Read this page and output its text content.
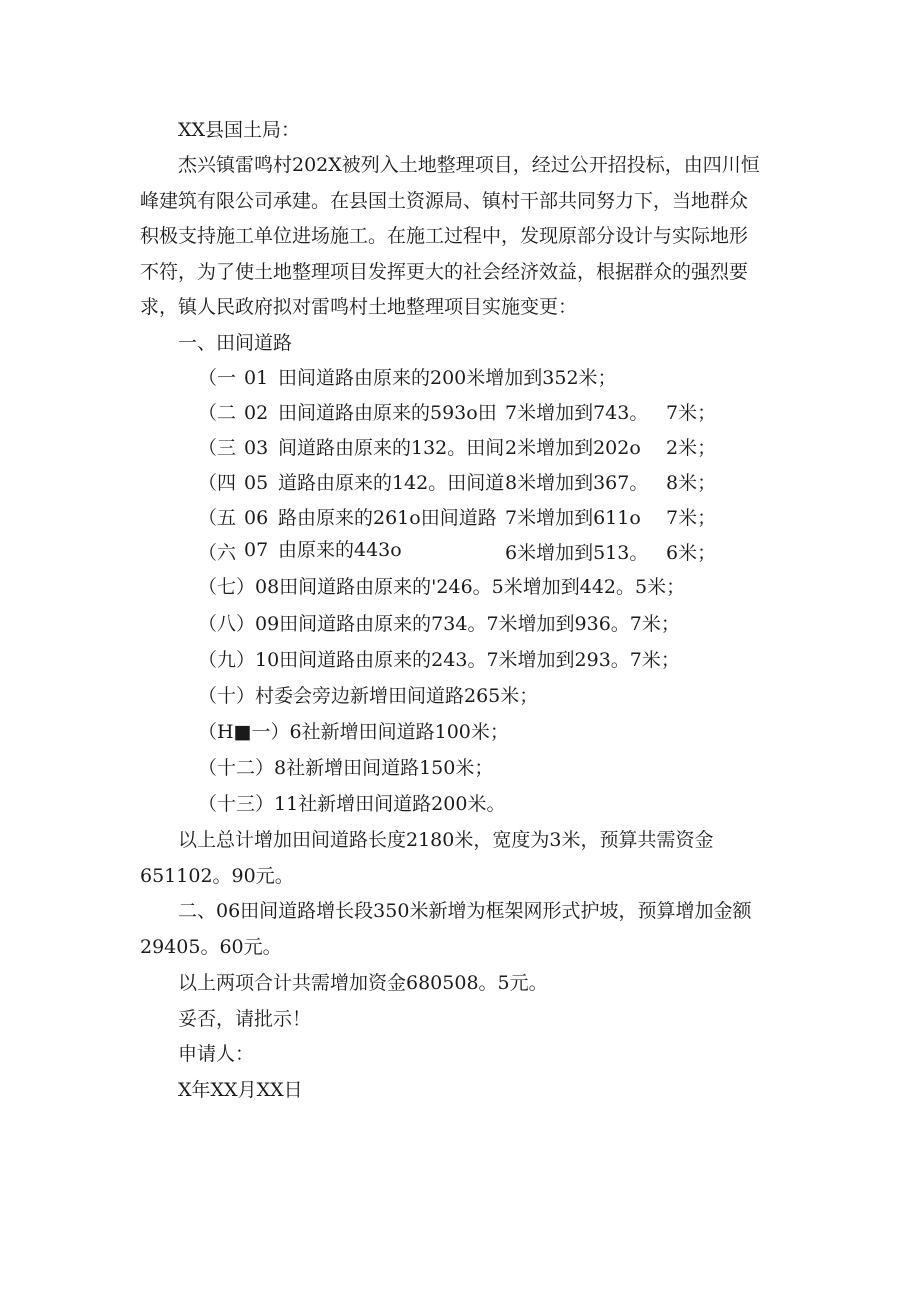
XX县国土局：
杰兴镇雷鸣村202X被列入土地整理项目，经过公开招投标，由四川恒
峰建筑有限公司承建。在县国土资源局、镇村干部共同努力下，当地群众
积极支持施工单位进场施工。在施工过程中，发现原部分设计与实际地形
不符，为了使土地整理项目发挥更大的社会经济效益，根据群众的强烈要
求，镇人民政府拟对雷鸣村土地整理项目实施变更：
一、田间道路
（一 01 田间道路由原来的200米增加到352米；
（二 02 田间道路由原来的593o田 7米增加到743。 7米；
（三 03 间道路由原来的132。田间 2米增加到202o 2米；
（四 05 道路由原来的142。田间道 8米增加到367。 8米；
（五 06 路由原来的261o田间道路 7米增加到611o 7米；
（六 07 由原来的443o	6米增加到513。 6米；
（七）08田间道路由原来的'246。5米增加到442。5米；
（八）09田间道路由原来的734。7米增加到936。7米；
（九）10田间道路由原来的243。7米增加到293。7米；
（十）村委会旁边新增田间道路265米；
（H■一）6社新增田间道路100米；
（十二）8社新增田间道路150米；
（十三）11社新增田间道路200米。
以上总计增加田间道路长度2180米，宽度为3米，预算共需资金
651102。90元。
二、06田间道路增长段350米新增为框架网形式护坡，预算增加金额
29405。60元。
以上两项合计共需增加资金680508。5元。
妥否，请批示！
申请人：
X年XX月XX日
